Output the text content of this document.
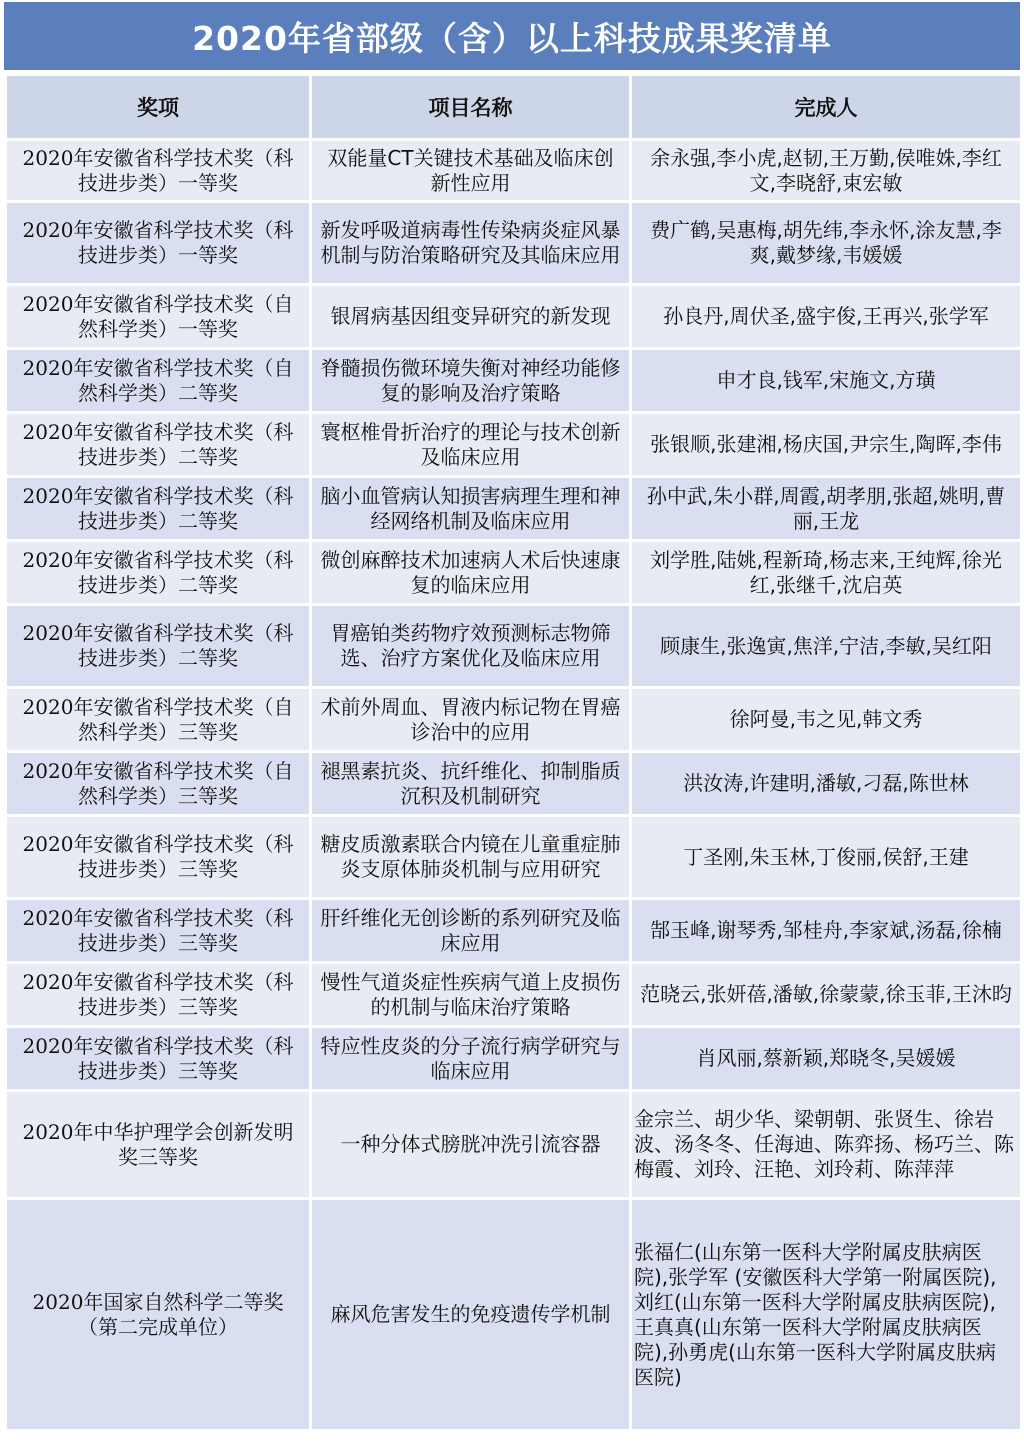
2020年省部级（含）以上科技成果奖清单
奖项	项目名称	完成人
2020年安徽省科学技术奖（科技进步类）一等奖	双能量CT关键技术基础及临床创新性应用	余永强,李小虎,赵韧,王万勤,侯唯姝,李红文,李晓舒,束宏敏
2020年安徽省科学技术奖（科技进步类）一等奖	新发呼吸道病毒性传染病炎症风暴机制与防治策略研究及其临床应用	费广鹤,吴惠梅,胡先纬,李永怀,涂友慧,李爽,戴梦缘,韦媛媛
2020年安徽省科学技术奖（自然科学类）一等奖	银屑病基因组变异研究的新发现	孙良丹,周伏圣,盛宇俊,王再兴,张学军
2020年安徽省科学技术奖（自然科学类）二等奖	脊髓损伤微环境失衡对神经功能修复的影响及治疗策略	申才良,钱军,宋施文,方璜
2020年安徽省科学技术奖（科技进步类）二等奖	寰枢椎骨折治疗的理论与技术创新及临床应用	张银顺,张建湘,杨庆国,尹宗生,陶晖,李伟
2020年安徽省科学技术奖（科技进步类）二等奖	脑小血管病认知损害病理生理和神经网络机制及临床应用	孙中武,朱小群,周霞,胡孝朋,张超,姚明,曹丽,王龙
2020年安徽省科学技术奖（科技进步类）二等奖	微创麻醉技术加速病人术后快速康复的临床应用	刘学胜,陆姚,程新琦,杨志来,王纯辉,徐光红,张继千,沈启英
2020年安徽省科学技术奖（科技进步类）二等奖	胃癌铂类药物疗效预测标志物筛选、治疗方案优化及临床应用	顾康生,张逸寅,焦洋,宁洁,李敏,吴红阳
2020年安徽省科学技术奖（自然科学类）三等奖	术前外周血、胃液内标记物在胃癌诊治中的应用	徐阿曼,韦之见,韩文秀
2020年安徽省科学技术奖（自然科学类）三等奖	褪黑素抗炎、抗纤维化、抑制脂质沉积及机制研究	洪汝涛,许建明,潘敏,刁磊,陈世林
2020年安徽省科学技术奖（科技进步类）三等奖	糖皮质激素联合内镜在儿童重症肺炎支原体肺炎机制与应用研究	丁圣刚,朱玉林,丁俊丽,侯舒,王建
2020年安徽省科学技术奖（科技进步类）三等奖	肝纤维化无创诊断的系列研究及临床应用	郜玉峰,谢琴秀,邹桂舟,李家斌,汤磊,徐楠
2020年安徽省科学技术奖（科技进步类）三等奖	慢性气道炎症性疾病气道上皮损伤的机制与临床治疗策略	范晓云,张妍蓓,潘敏,徐蒙蒙,徐玉菲,王沐昀
2020年安徽省科学技术奖（科技进步类）三等奖	特应性皮炎的分子流行病学研究与临床应用	肖风丽,蔡新颖,郑晓冬,吴媛媛
2020年中华护理学会创新发明奖三等奖	一种分体式膀胱冲洗引流容器	金宗兰、胡少华、梁朝朝、张贤生、徐岩波、汤冬冬、任海迪、陈弈扬、杨巧兰、陈梅霞、刘玲、汪艳、刘玲莉、陈萍萍
2020年国家自然科学二等奖（第二完成单位）	麻风危害发生的免疫遗传学机制	张福仁(山东第一医科大学附属皮肤病医院),张学军 (安徽医科大学第一附属医院),刘红(山东第一医科大学附属皮肤病医院),王真真(山东第一医科大学附属皮肤病医院),孙勇虎(山东第一医科大学附属皮肤病医院)
